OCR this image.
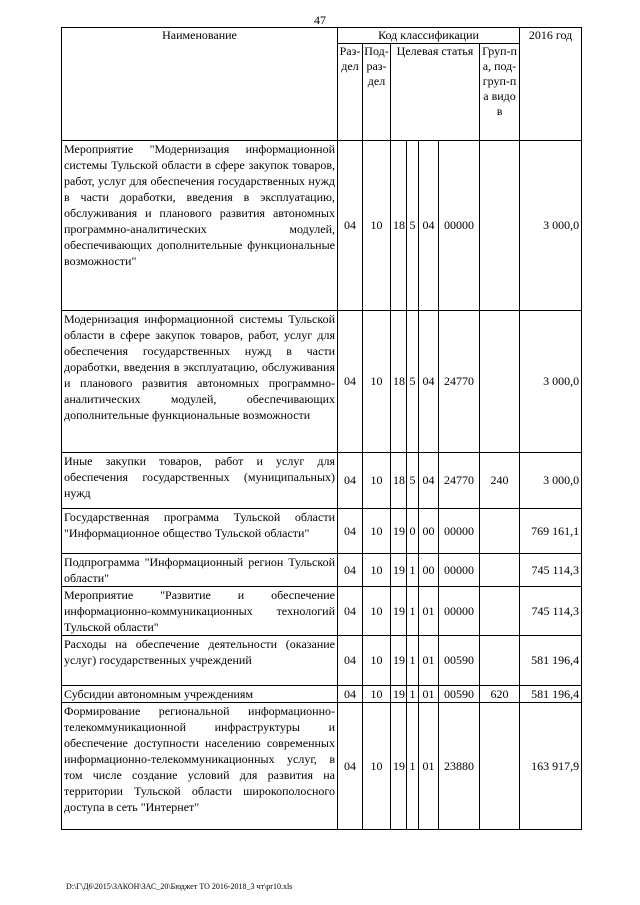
47
Наименование	Код классификации							2016 год
	Раз-дел	Под-раз-дел	Целевая статья				Груп-па, под-груп-па видов	
Мероприятие "Модернизация информационной системы Тульской области в сфере закупок товаров, работ, услуг для обеспечения государственных нужд в части доработки, введения в эксплуатацию, обслуживания и планового развития автономных программно-аналитических модулей, обеспечивающих дополнительные функциональные возможности"	04	10	18	5	04	00000		3 000,0
Модернизация информационной системы Тульской области в сфере закупок товаров, работ, услуг для обеспечения государственных нужд в части доработки, введения в эксплуатацию, обслуживания и планового развития автономных программно-аналитических модулей, обеспечивающих дополнительные функциональные возможности	04	10	18	5	04	24770		3 000,0
Иные закупки товаров, работ и услуг для обеспечения государственных (муниципальных) нужд	04	10	18	5	04	24770	240	3 000,0
Государственная программа Тульской области "Информационное общество Тульской области"	04	10	19	0	00	00000		769 161,1
Подпрограмма "Информационный регион Тульской области"	04	10	19	1	00	00000		745 114,3
Мероприятие "Развитие и обеспечение информационно-коммуникационных технологий Тульской области"	04	10	19	1	01	00000		745 114,3
Расходы на обеспечение деятельности (оказание услуг) государственных учреждений	04	10	19	1	01	00590		581 196,4
Субсидии автономным учреждениям	04	10	19	1	01	00590	620	581 196,4
Формирование региональной информационно-телекоммуникационной инфраструктуры и обеспечение доступности населению современных информационно-телекоммуникационных услуг, в том числе создание условий для развития на территории Тульской области широкополосного доступа в сеть "Интернет"	04	10	19	1	01	23880		163 917,9
D:\Г\Д6\2015\ЗАКОН\ЗАС_20\Бюджет ТО 2016-2018_3 чт\pr10.xls
